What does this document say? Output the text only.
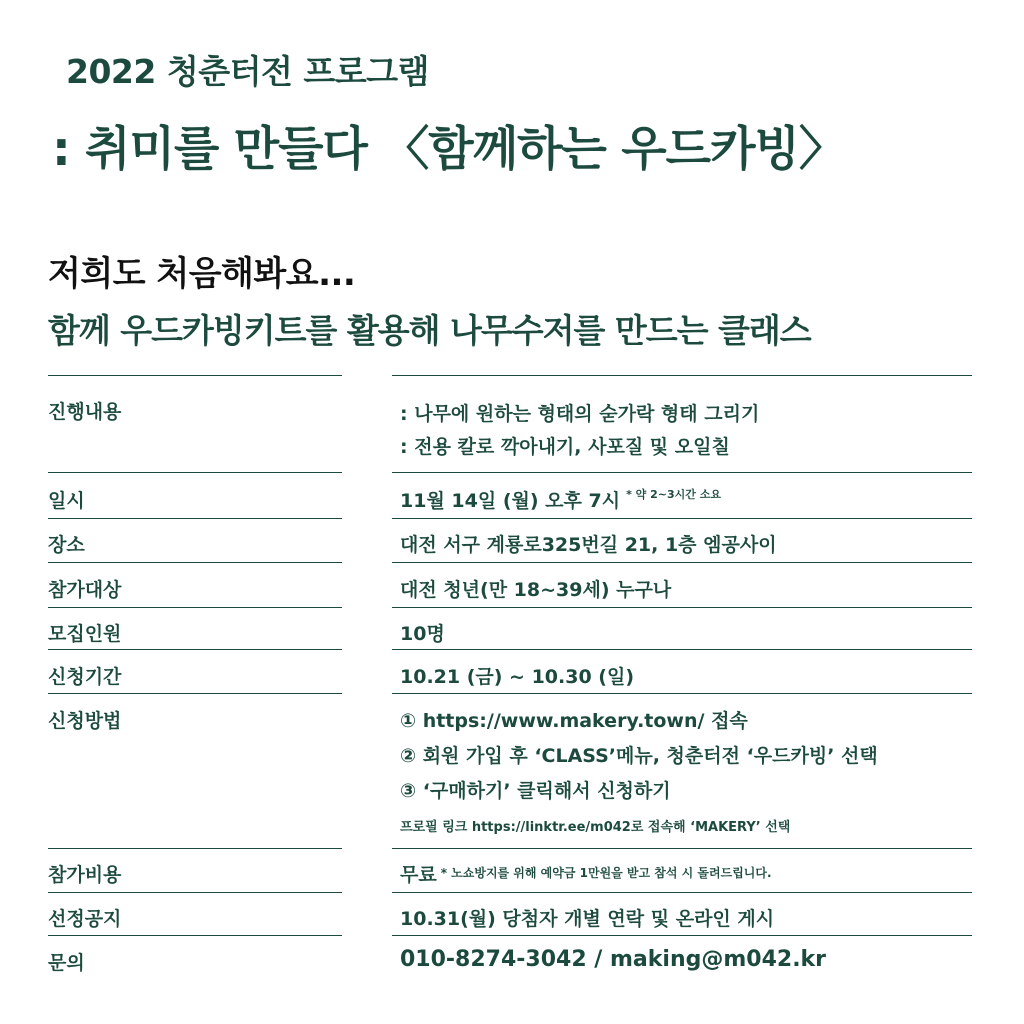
2022 청춘터전 프로그램
: 취미를 만들다 〈함께하는 우드카빙〉
저희도 처음해봐요...
함께 우드카빙키트를 활용해 나무수저를 만드는 클래스
진행내용	: 나무에 원하는 형태의 숟가락 형태 그리기
: 전용 칼로 깍아내기, 사포질 및 오일칠
일시	11월 14일 (월) 오후 7시 $^{* 약 2\sim 3시간 소요}$
장소	대전 서구 계룡로325번길 21, 1층 엠공사이
참가대상	대전 청년(만 18~39세) 누구나
모집인원	10명
신청기간	10.21 (금) ~ 10.30 (일)
신청방법	① https://www.makery.town/ 접속
② 회원 가입 후 ‘CLASS’메뉴, 청춘터전 ‘우드카빙’ 선택
③ ‘구매하기’ 클릭해서 신청하기
프로필 링크 https://linktr.ee/m042로 접속해 ‘MAKERY’ 선택
참가비용	무료 $^{* 노쇼방지를 위해 예약금 1만원을 받고 참석 시 돌려드립니다.}$
선정공지	10.31(월) 당첨자 개별 연락 및 온라인 게시
문의	010-8274-3042 / making@m042.kr
